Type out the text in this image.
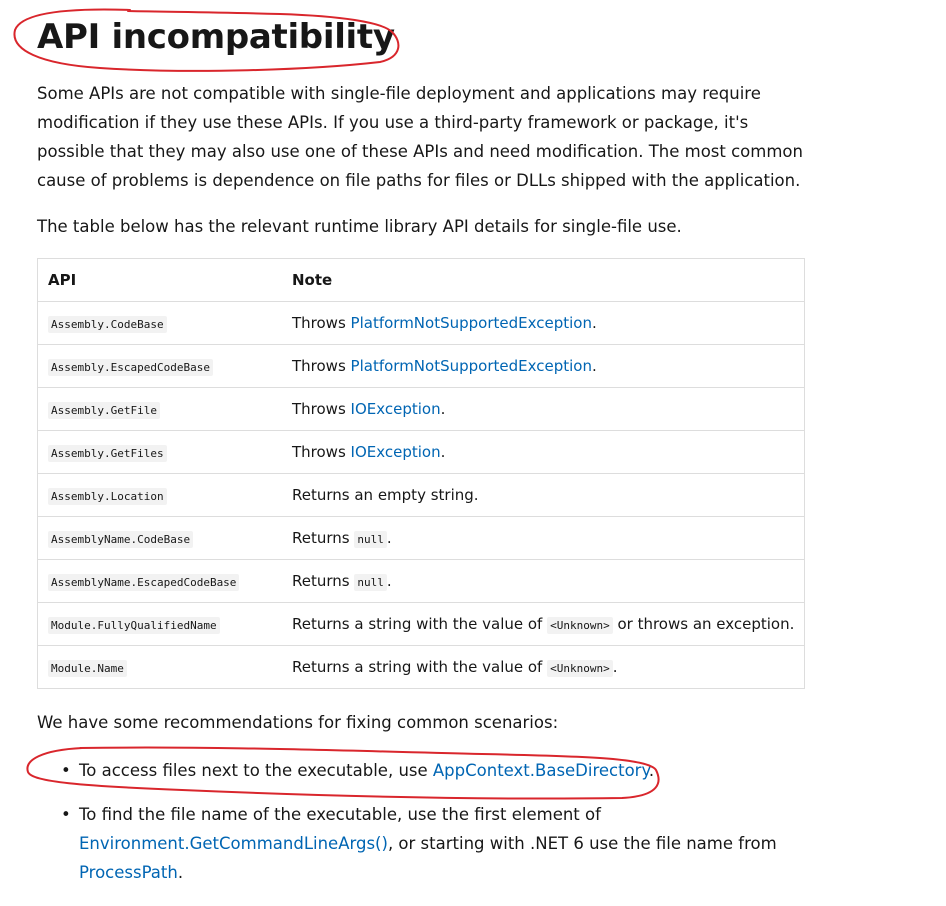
API incompatibility

Some APIs are not compatible with single-file deployment and applications may require modification if they use these APIs. If you use a third-party framework or package, it's possible that they may also use one of these APIs and need modification. The most common cause of problems is dependence on file paths for files or DLLs shipped with the application.

The table below has the relevant runtime library API details for single-file use.

API	Note
Assembly.CodeBase	Throws PlatformNotSupportedException.
Assembly.EscapedCodeBase	Throws PlatformNotSupportedException.
Assembly.GetFile	Throws IOException.
Assembly.GetFiles	Throws IOException.
Assembly.Location	Returns an empty string.
AssemblyName.CodeBase	Returns null .
AssemblyName.EscapedCodeBase	Returns null .
Module.FullyQualifiedName	Returns a string with the value of <Unknown> or throws an exception.
Module.Name	Returns a string with the value of <Unknown> .

We have some recommendations for fixing common scenarios:

• To access files next to the executable, use AppContext.BaseDirectory.
• To find the file name of the executable, use the first element of Environment.GetCommandLineArgs(), or starting with .NET 6 use the file name from ProcessPath.
